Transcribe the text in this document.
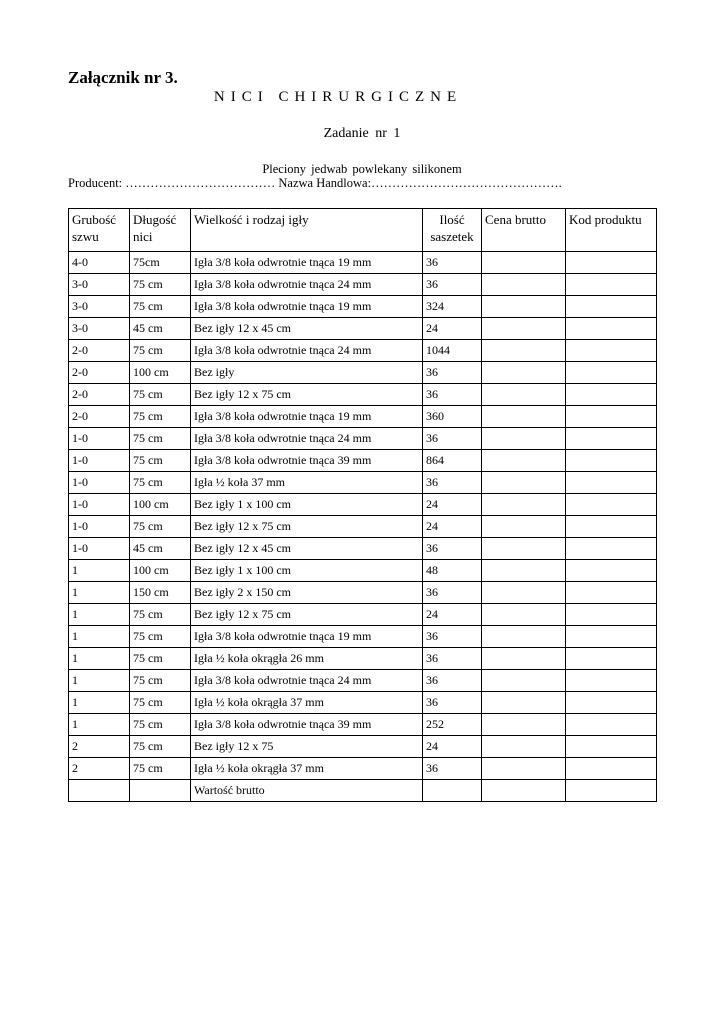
Załącznik nr 3.
NICI CHIRURGICZNE
Zadanie nr 1
Pleciony jedwab powlekany silikonem
Producent: ……………………………… Nazwa Handlowa:……………………………………….
Grubość szwu	Długość nici	Wielkość i rodzaj igły	Ilość saszetek	Cena brutto	Kod produktu
4-0	75cm	Igła 3/8 koła odwrotnie tnąca 19 mm	36		
3-0	75 cm	Igła 3/8 koła odwrotnie tnąca 24 mm	36		
3-0	75 cm	Igła 3/8 koła odwrotnie tnąca 19 mm	324		
3-0	45 cm	Bez igły 12 x 45 cm	24		
2-0	75 cm	Igła 3/8 koła odwrotnie tnąca 24 mm	1044		
2-0	100 cm	Bez igły	36		
2-0	75 cm	Bez igły 12 x 75 cm	36		
2-0	75 cm	Igła 3/8 koła odwrotnie tnąca 19 mm	360		
1-0	75 cm	Igła 3/8 koła odwrotnie tnąca 24 mm	36		
1-0	75 cm	Igła 3/8 koła odwrotnie tnąca 39 mm	864		
1-0	75 cm	Igła ½ koła 37 mm	36		
1-0	100 cm	Bez igły 1 x 100 cm	24		
1-0	75 cm	Bez igły 12 x 75 cm	24		
1-0	45 cm	Bez igły 12 x 45 cm	36		
1	100 cm	Bez igły 1 x 100 cm	48		
1	150 cm	Bez igły 2 x 150 cm	36		
1	75 cm	Bez igły 12 x 75 cm	24		
1	75 cm	Igła 3/8 koła odwrotnie tnąca 19 mm	36		
1	75 cm	Igła ½ koła okrągła 26 mm	36		
1	75 cm	Igła 3/8 koła odwrotnie tnąca 24 mm	36		
1	75 cm	Igła ½ koła okrągła 37 mm	36		
1	75 cm	Igła 3/8 koła odwrotnie tnąca 39 mm	252		
2	75 cm	Bez igły 12 x 75	24		
2	75 cm	Igła ½ koła okrągła 37 mm	36		
		Wartość brutto			
